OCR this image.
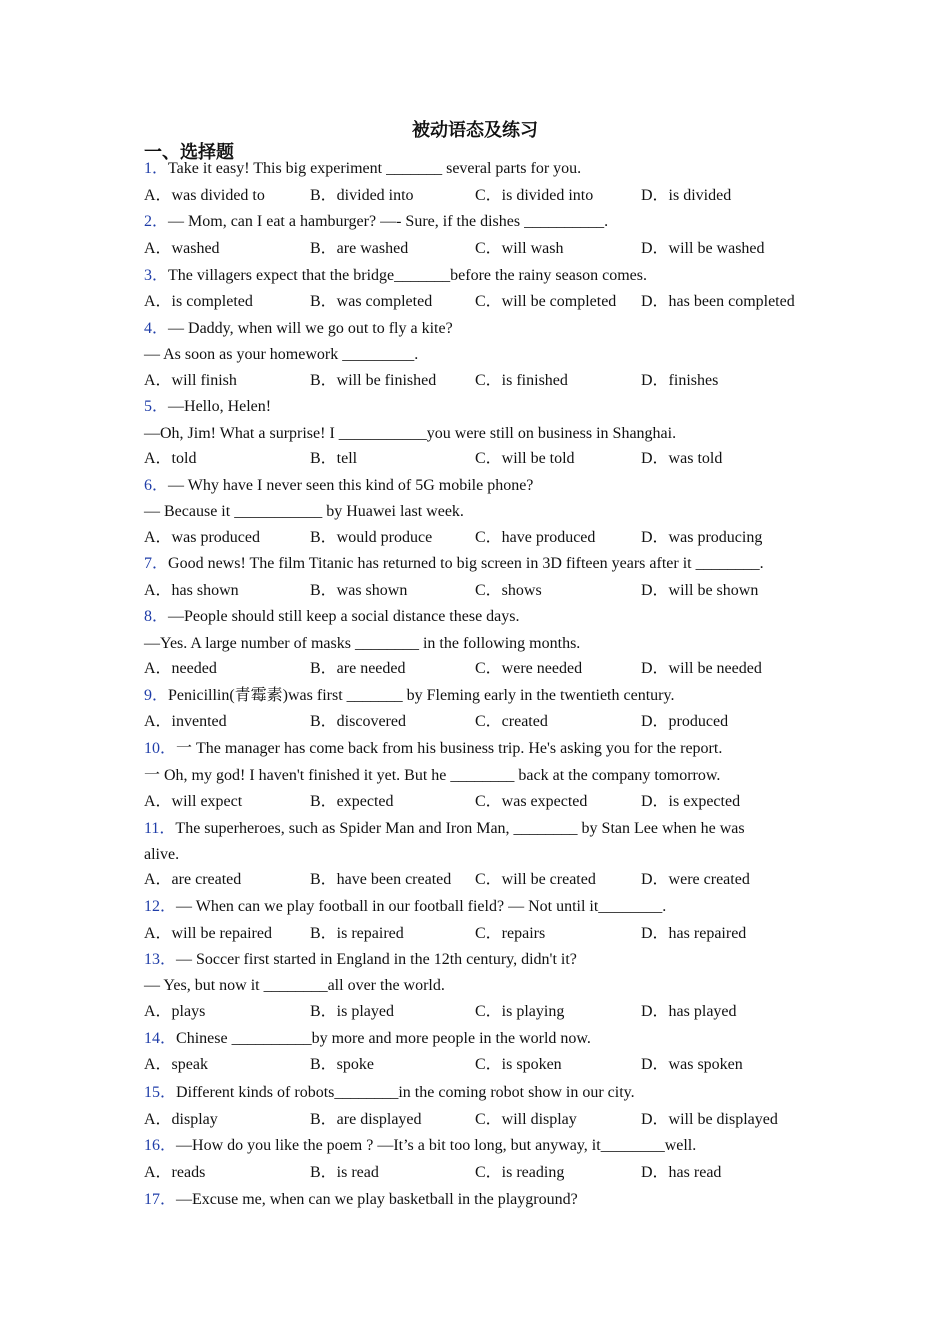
被动语态及练习
一、选择题
1．Take it easy! This big experiment _______ several parts for you.
A．was divided to	B．divided into	C．is divided into	D．is divided
2．— Mom, can I eat a hamburger? —- Sure, if the dishes __________.
A．washed	B．are washed	C．will wash	D．will be washed
3．The villagers expect that the bridge_______before the rainy season comes.
A．is completed	B．was completed	C．will be completed D．has been completed
4．— Daddy, when will we go out to fly a kite?
— As soon as your homework _________.
A．will finish	B．will be finished C．is finished	D．finishes
5．—Hello, Helen!
—Oh, Jim! What a surprise! I ___________you were still on business in Shanghai.
A．told	B．tell	C．will be told	D．was told
6．— Why have I never seen this kind of 5G mobile phone?
— Because it ___________ by Huawei last week.
A．was produced	B．would produce	C．have produced	D．was producing
7．Good news! The film Titanic has returned to big screen in 3D fifteen years after it ________.
A．has shown	B．was shown	C．shows	D．will be shown
8．—People should still keep a social distance these days.
—Yes. A large number of masks ________ in the following months.
A．needed	B．are needed	C．were needed	D．will be needed
9．Penicillin(青霉素)was first _______ by Fleming early in the twentieth century.
A．invented	B．discovered	C．created	D．produced
10．一 The manager has come back from his business trip. He's asking you for the report.
一 Oh, my god! I haven't finished it yet. But he ________ back at the company tomorrow.
A．will expect	B．expected	C．was expected	D．is expected
11．The superheroes, such as Spider Man and Iron Man, ________ by Stan Lee when he was
alive.
A．are created	B．have been created C．will be created	D．were created
12．— When can we play football in our football field? — Not until it________.
A．will be repaired B．is repaired	C．repairs	D．has repaired
13．— Soccer first started in England in the 12th century, didn't it?
— Yes, but now it ________all over the world.
A．plays	B．is played	C．is playing	D．has played
14．Chinese __________by more and more people in the world now.
A．speak	B．spoke	C．is spoken	D．was spoken
15．Different kinds of robots________in the coming robot show in our city.
A．display	B．are displayed	C．will display	D．will be displayed
16．—How do you like the poem ? —It’s a bit too long, but anyway, it________well.
A．reads	B．is read	C．is reading	D．has read
17．—Excuse me, when can we play basketball in the playground?
